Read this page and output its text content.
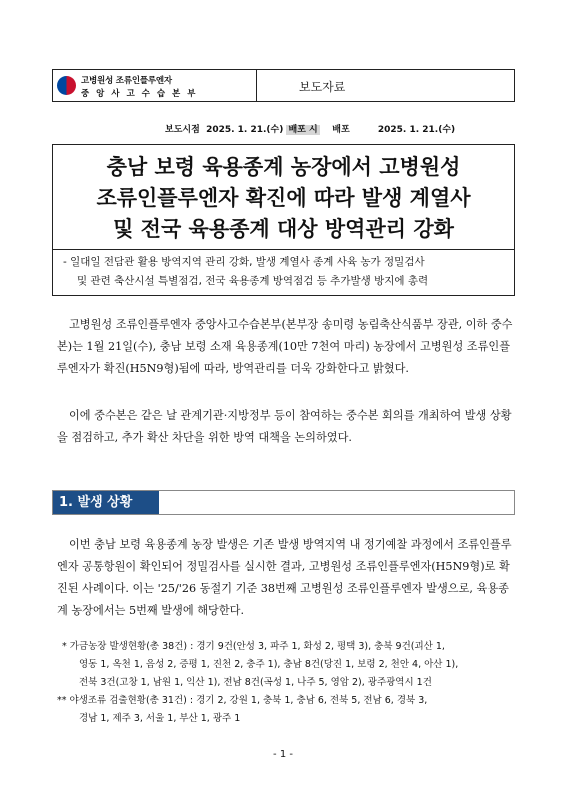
고병원성 조류인플루엔자
중 앙 사 고 수 습 본 부	보도자료
보도시점 2025. 1. 21.(수) 배포 시 배포	2025. 1. 21.(수)
충남 보령 육용종계 농장에서 고병원성
조류인플루엔자 확진에 따라 발생 계열사
및 전국 육용종계 대상 방역관리 강화
- 일대일 전담관 활용 방역지역 관리 강화, 발생 계열사 종계 사육 농가 정밀검사
및 관련 축산시설 특별점검, 전국 육용종계 방역점검 등 추가발생 방지에 총력

고병원성 조류인플루엔자 중앙사고수습본부(본부장 송미령 농림축산식품부 장관, 이하 중수본)는 1월 21일(수), 충남 보령 소재 육용종계(10만 7천여 마리) 농장에서 고병원성 조류인플루엔자가 확진(H5N9형)됨에 따라, 방역관리를 더욱 강화한다고 밝혔다.

이에 중수본은 같은 날 관계기관·지방정부 등이 참여하는 중수본 회의를 개최하여 발생 상황을 점검하고, 추가 확산 차단을 위한 방역 대책을 논의하였다.

1. 발생 상황

이번 충남 보령 육용종계 농장 발생은 기존 발생 방역지역 내 정기예찰 과정에서 조류인플루엔자 공통항원이 확인되어 정밀검사를 실시한 결과, 고병원성 조류인플루엔자(H5N9형)로 확진된 사례이다. 이는 '25/'26 동절기 기준 38번째 고병원성 조류인플루엔자 발생으로, 육용종계 농장에서는 5번째 발생에 해당한다.

* 가금농장 발생현황(총 38건) : 경기 9건(안성 3, 파주 1, 화성 2, 평택 3), 충북 9건(괴산 1,
영동 1, 옥천 1, 음성 2, 증평 1, 진천 2, 충주 1), 충남 8건(당진 1, 보령 2, 천안 4, 아산 1),
전북 3건(고창 1, 남원 1, 익산 1), 전남 8건(곡성 1, 나주 5, 영암 2), 광주광역시 1건
** 야생조류 검출현황(총 31건) : 경기 2, 강원 1, 충북 1, 충남 6, 전북 5, 전남 6, 경북 3,
경남 1, 제주 3, 서울 1, 부산 1, 광주 1
- 1 -
